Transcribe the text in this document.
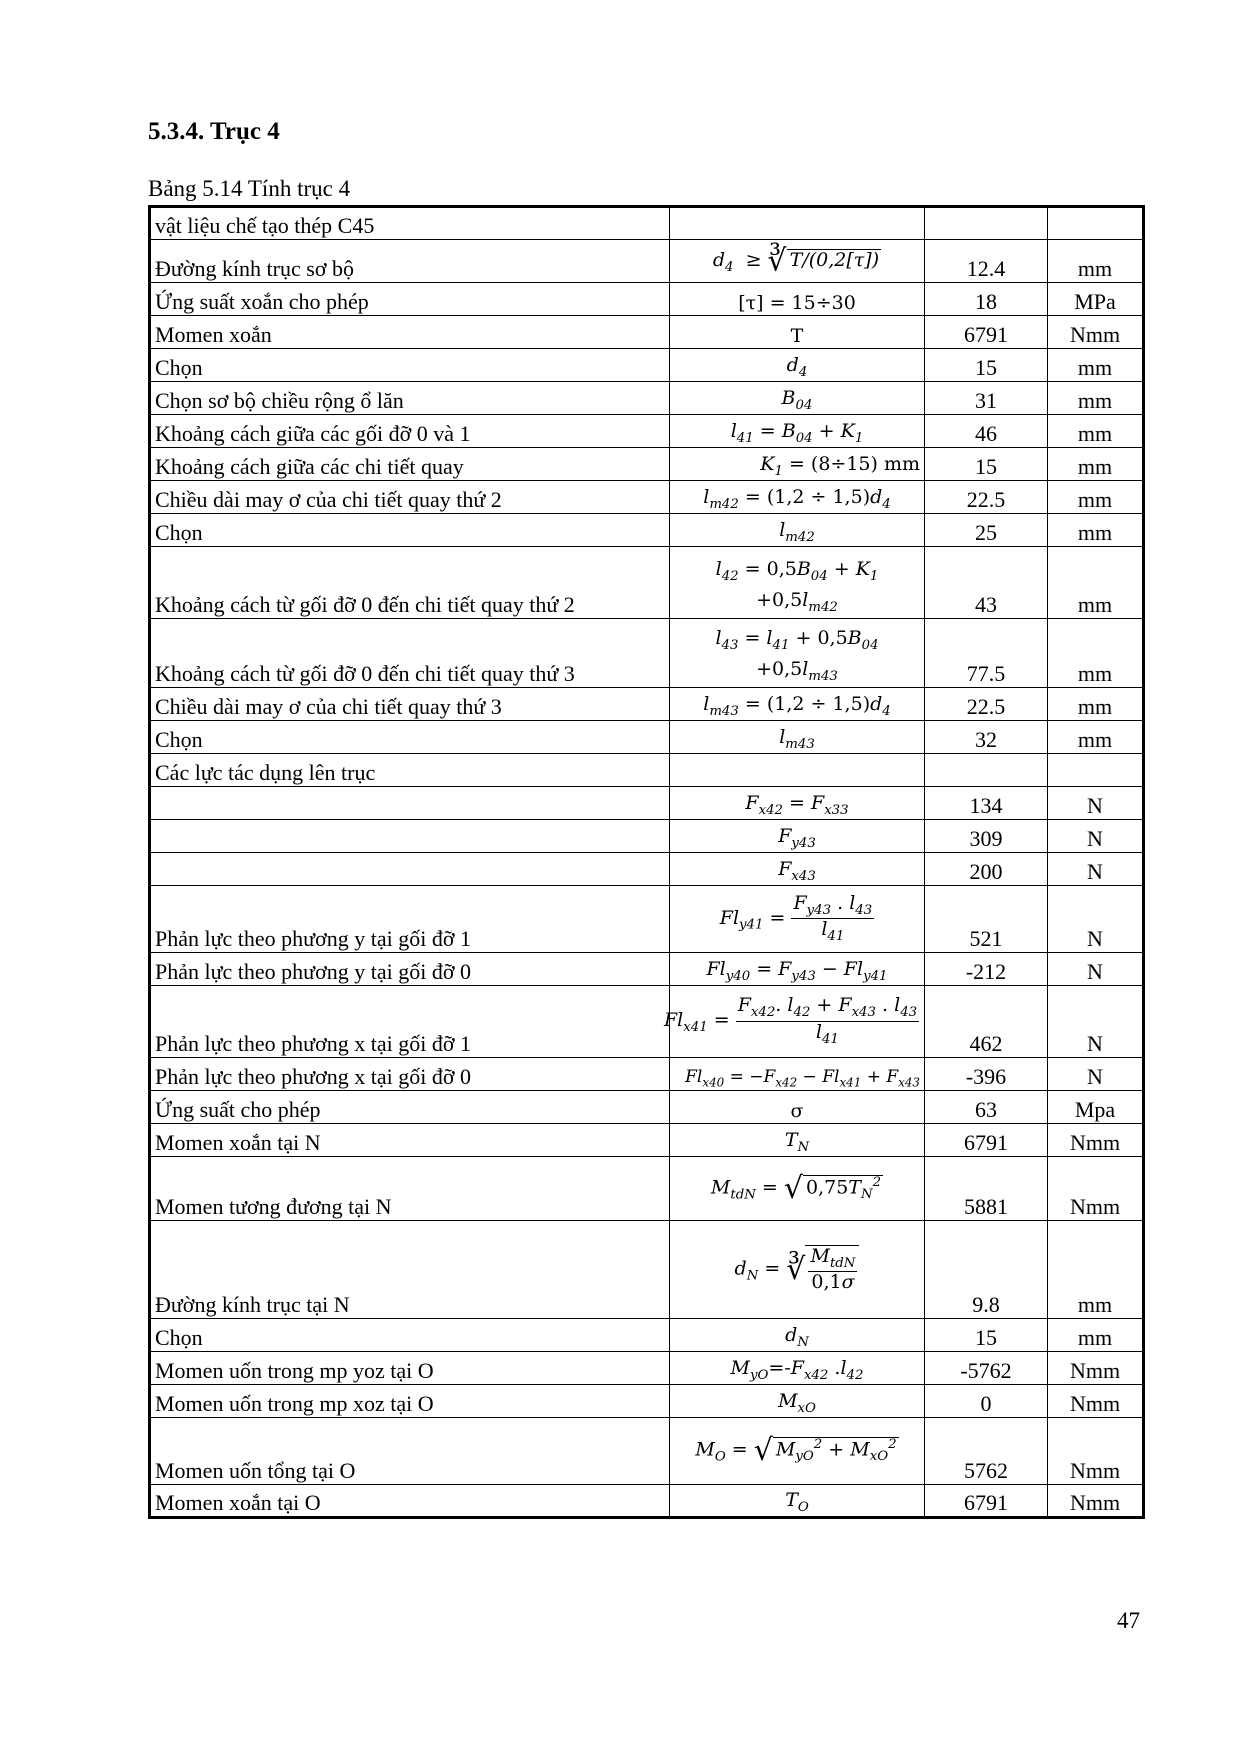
5.3.4. Trục 4
Bảng 5.14 Tính trục 4
vật liệu chế tạo thép C45			
Đường kính trục sơ bộ	$d_4$  ≥ ∛ T/(0,2[τ])	12.4	mm
Ứng suất xoắn cho phép	[τ] = 15÷30	18	MPa
Momen xoắn	T	6791	Nmm
Chọn	$d_4$	15	mm
Chọn sơ bộ chiều rộng ổ lăn	$B_{04}$	31	mm
Khoảng cách giữa các gối đỡ 0 và 1	$l_{41} = B_{04} + K_1$	46	mm
Khoảng cách giữa các chi tiết quay	$K_1 = (8\div 15)$ mm	15	mm
Chiều dài may ơ của chi tiết quay thứ 2	$l_{m42} = (1,2 \div 1,5)d_4$	22.5	mm
Chọn	$l_{m42}$	25	mm
Khoảng cách từ gối đỡ 0 đến chi tiết quay thứ 2	$l_{42} = 0,5B_{04} + K_1$
$+0,5l_{m42}$	43	mm
Khoảng cách từ gối đỡ 0 đến chi tiết quay thứ 3	$l_{43} = l_{41} + 0,5B_{04}$
$+0,5l_{m43}$	77.5	mm
Chiều dài may ơ của chi tiết quay thứ 3	$l_{m43} = (1,2 \div 1,5)d_4$	22.5	mm
Chọn	$l_{m43}$	32	mm
Các lực tác dụng lên trục			
	$F_{x42} = F_{x33}$	134	N
	$F_{y43}$	309	N
	$F_{x43}$	200	N
Phản lực theo phương y tại gối đỡ 1	$Fl_{y41} = \frac{F_{y43} . l_{43}}{l_{41}}$	521	N
Phản lực theo phương y tại gối đỡ 0	$Fl_{y40} = F_{y43} - Fl_{y41}$	-212	N
Phản lực theo phương x tại gối đỡ 1	$Fl_{x41} = \frac{F_{x42}. l_{42} + F_{x43} . l_{43}}{l_{41}}$	462	N
Phản lực theo phương x tại gối đỡ 0	$Fl_{x40} = -F_{x42} - Fl_{x41} + F_{x43}$	-396	N
Ứng suất cho phép	σ	63	Mpa
Momen xoắn tại N	$T_N$	6791	Nmm
Momen tương đương tại N	$M_{tdN}$ = √ $0,75T_N^2$	5881	Nmm
Đường kính trục tại N	$d_N$ = ∛ $\frac{M_{tdN}}{0,1\sigma}$	9.8	mm
Chọn	$d_N$	15	mm
Momen uốn trong mp yoz tại O	$M_{yO}=-F_{x42}$ $.l_{42}$	-5762	Nmm
Momen uốn trong mp xoz tại O	$M_{xO}$	0	Nmm
Momen uốn tổng tại O	$M_O$ = √ $M_{yO}^2 + M_{xO}^2$	5762	Nmm
Momen xoắn tại O	$T_O$	6791	Nmm
47
